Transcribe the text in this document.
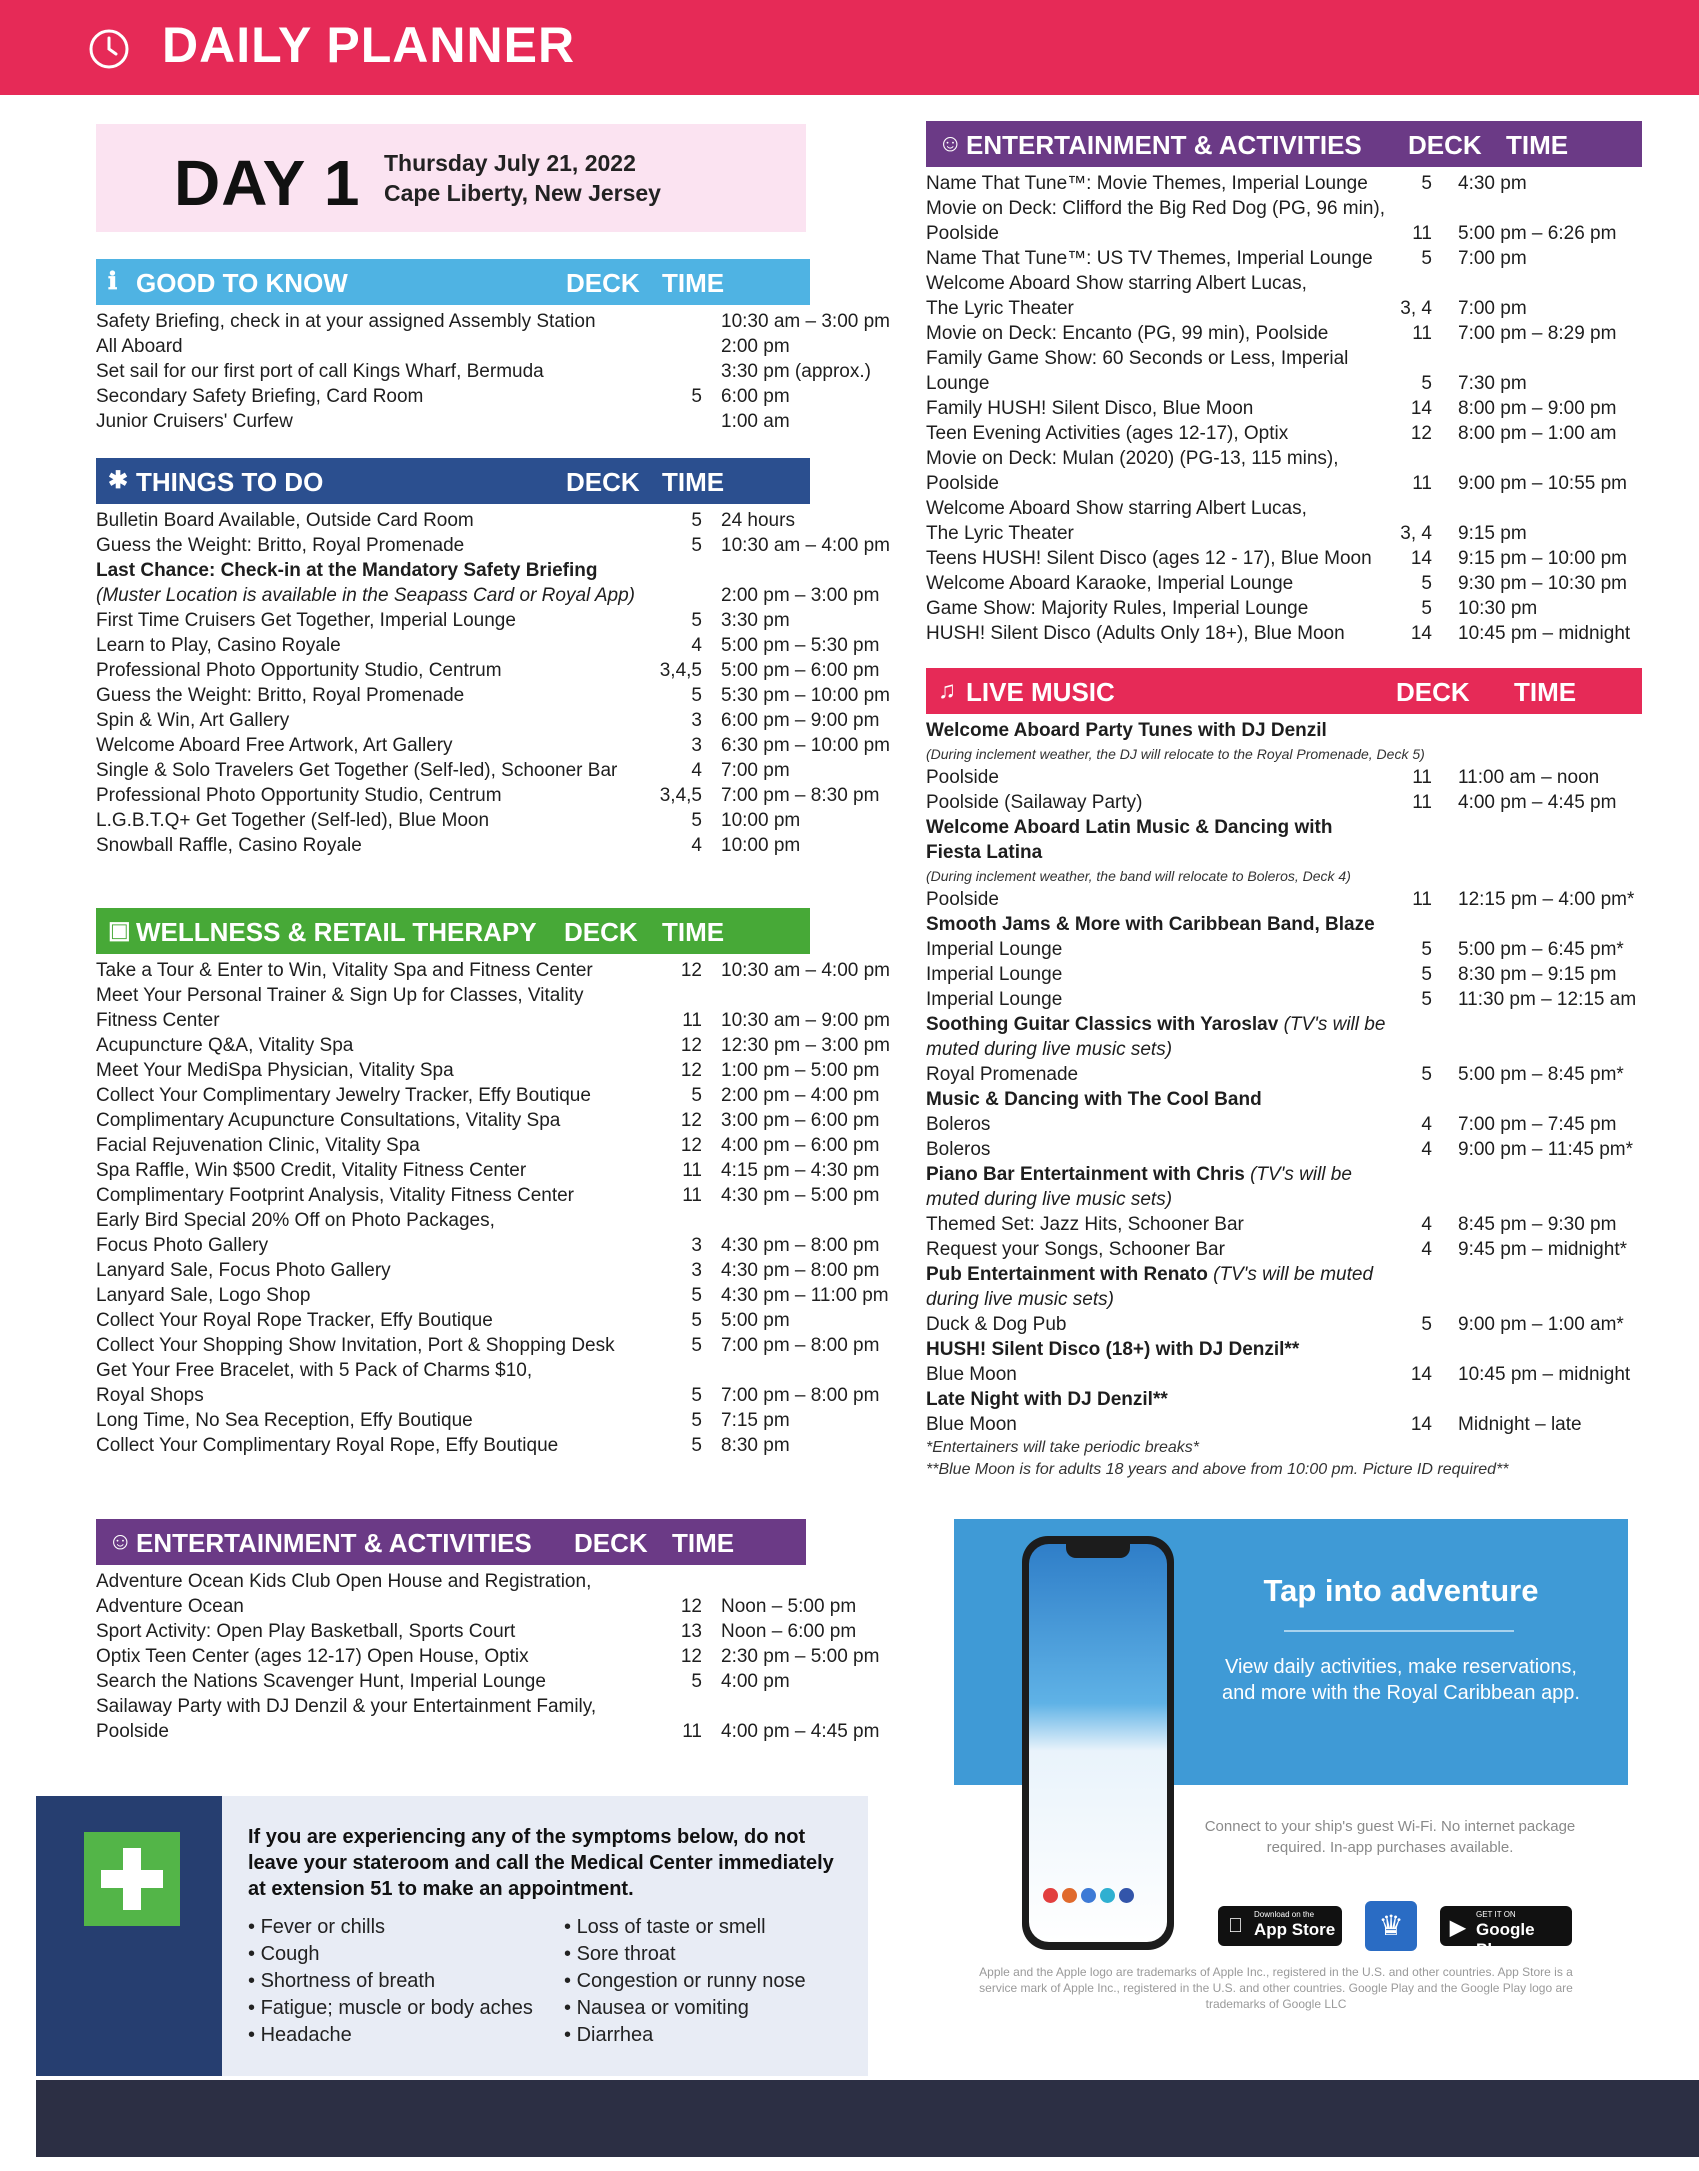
DAILY PLANNER
DAY 1 Thursday July 21, 2022
Cape Liberty, New Jersey
ℹ GOOD TO KNOW	DECK TIME
Safety Briefing, check in at your assigned Assembly Station	10:30 am – 3:00 pm
All Aboard	2:00 pm
Set sail for our first port of call Kings Wharf, Bermuda	3:30 pm (approx.)
Secondary Safety Briefing, Card Room	5 6:00 pm
Junior Cruisers' Curfew	1:00 am
✱ THINGS TO DO	DECK TIME
Bulletin Board Available, Outside Card Room	5 24 hours
Guess the Weight: Britto, Royal Promenade	5 10:30 am – 4:00 pm
Last Chance: Check-in at the Mandatory Safety Briefing
(Muster Location is available in the Seapass Card or Royal App)	2:00 pm – 3:00 pm
First Time Cruisers Get Together, Imperial Lounge	5 3:30 pm
Learn to Play, Casino Royale	4 5:00 pm – 5:30 pm
Professional Photo Opportunity Studio, Centrum	3,4,5 5:00 pm – 6:00 pm
Guess the Weight: Britto, Royal Promenade	5 5:30 pm – 10:00 pm
Spin & Win, Art Gallery	3 6:00 pm – 9:00 pm
Welcome Aboard Free Artwork, Art Gallery	3 6:30 pm – 10:00 pm
Single & Solo Travelers Get Together (Self-led), Schooner Bar	4 7:00 pm
Professional Photo Opportunity Studio, Centrum	3,4,5 7:00 pm – 8:30 pm
L.G.B.T.Q+ Get Together (Self-led), Blue Moon	5 10:00 pm
Snowball Raffle, Casino Royale	4 10:00 pm
▣ WELLNESS & RETAIL THERAPY DECK TIME
Take a Tour & Enter to Win, Vitality Spa and Fitness Center	12 10:30 am – 4:00 pm
Meet Your Personal Trainer & Sign Up for Classes, Vitality
Fitness Center	11 10:30 am – 9:00 pm
Acupuncture Q&A, Vitality Spa	12 12:30 pm – 3:00 pm
Meet Your MediSpa Physician, Vitality Spa	12 1:00 pm – 5:00 pm
Collect Your Complimentary Jewelry Tracker, Effy Boutique	5 2:00 pm – 4:00 pm
Complimentary Acupuncture Consultations, Vitality Spa	12 3:00 pm – 6:00 pm
Facial Rejuvenation Clinic, Vitality Spa	12 4:00 pm – 6:00 pm
Spa Raffle, Win $500 Credit, Vitality Fitness Center	11 4:15 pm – 4:30 pm
Complimentary Footprint Analysis, Vitality Fitness Center	11 4:30 pm – 5:00 pm
Early Bird Special 20% Off on Photo Packages,
Focus Photo Gallery	3 4:30 pm – 8:00 pm
Lanyard Sale, Focus Photo Gallery	3 4:30 pm – 8:00 pm
Lanyard Sale, Logo Shop	5 4:30 pm – 11:00 pm
Collect Your Royal Rope Tracker, Effy Boutique	5 5:00 pm
Collect Your Shopping Show Invitation, Port & Shopping Desk	5 7:00 pm – 8:00 pm
Get Your Free Bracelet, with 5 Pack of Charms $10,
Royal Shops	5 7:00 pm – 8:00 pm
Long Time, No Sea Reception, Effy Boutique	5 7:15 pm
Collect Your Complimentary Royal Rope, Effy Boutique	5 8:30 pm
☺ ENTERTAINMENT & ACTIVITIES DECK TIME
Adventure Ocean Kids Club Open House and Registration,
Adventure Ocean	12 Noon – 5:00 pm
Sport Activity: Open Play Basketball, Sports Court	13 Noon – 6:00 pm
Optix Teen Center (ages 12-17) Open House, Optix	12 2:30 pm – 5:00 pm
Search the Nations Scavenger Hunt, Imperial Lounge	5 4:00 pm
Sailaway Party with DJ Denzil & your Entertainment Family,
Poolside	11 4:00 pm – 4:45 pm
☺ ENTERTAINMENT & ACTIVITIES DECK TIME
Name That Tune™: Movie Themes, Imperial Lounge	5 4:30 pm
Movie on Deck: Clifford the Big Red Dog (PG, 96 min),
Poolside	11 5:00 pm – 6:26 pm
Name That Tune™: US TV Themes, Imperial Lounge	5 7:00 pm
Welcome Aboard Show starring Albert Lucas,
The Lyric Theater	3, 4 7:00 pm
Movie on Deck: Encanto (PG, 99 min), Poolside	11 7:00 pm – 8:29 pm
Family Game Show: 60 Seconds or Less, Imperial Lounge	5 7:30 pm
Family HUSH! Silent Disco, Blue Moon	14 8:00 pm – 9:00 pm
Teen Evening Activities (ages 12-17), Optix	12 8:00 pm – 1:00 am
Movie on Deck: Mulan (2020) (PG-13, 115 mins), Poolside	11 9:00 pm – 10:55 pm
Welcome Aboard Show starring Albert Lucas,
The Lyric Theater	3, 4 9:15 pm
Teens HUSH! Silent Disco (ages 12 - 17), Blue Moon	14 9:15 pm – 10:00 pm
Welcome Aboard Karaoke, Imperial Lounge	5 9:30 pm – 10:30 pm
Game Show: Majority Rules, Imperial Lounge	5 10:30 pm
HUSH! Silent Disco (Adults Only 18+), Blue Moon	14 10:45 pm – midnight
♫ LIVE MUSIC	DECK TIME
Welcome Aboard Party Tunes with DJ Denzil
(During inclement weather, the DJ will relocate to the Royal Promenade, Deck 5)
Poolside	11 11:00 am – noon
Poolside (Sailaway Party)	11 4:00 pm – 4:45 pm
Welcome Aboard Latin Music & Dancing with Fiesta Latina
(During inclement weather, the band will relocate to Boleros, Deck 4)
Poolside	11 12:15 pm – 4:00 pm*
Smooth Jams & More with Caribbean Band, Blaze
Imperial Lounge	5 5:00 pm – 6:45 pm*
Imperial Lounge	5 8:30 pm – 9:15 pm
Imperial Lounge	5 11:30 pm – 12:15 am
Soothing Guitar Classics with Yaroslav (TV's will be muted during live music sets)
Royal Promenade	5 5:00 pm – 8:45 pm*
Music & Dancing with The Cool Band
Boleros	4 7:00 pm – 7:45 pm
Boleros	4 9:00 pm – 11:45 pm*
Piano Bar Entertainment with Chris (TV's will be muted during live music sets)
Themed Set: Jazz Hits, Schooner Bar	4 8:45 pm – 9:30 pm
Request your Songs, Schooner Bar	4 9:45 pm – midnight*
Pub Entertainment with Renato (TV's will be muted during live music sets)
Duck & Dog Pub	5 9:00 pm – 1:00 am*
HUSH! Silent Disco (18+) with DJ Denzil**
Blue Moon	14 10:45 pm – midnight
Late Night with DJ Denzil**
Blue Moon	14 Midnight – late
*Entertainers will take periodic breaks*
**Blue Moon is for adults 18 years and above from 10:00 pm. Picture ID required**
If you are experiencing any of the symptoms below, do not leave your stateroom and call the Medical Center immediately at extension 51 to make an appointment.
• Fever or chills
• Cough
• Shortness of breath
• Fatigue; muscle or body aches
• Headache
• Loss of taste or smell
• Sore throat
• Congestion or runny nose
• Nausea or vomiting
• Diarrhea
Tap into adventure
View daily activities, make reservations, and more with the Royal Caribbean app.
Connect to your ship's guest Wi-Fi. No internet package required. In-app purchases available.
Download on the
App Store	♛	▶
GET IT ON
Google Play
Apple and the Apple logo are trademarks of Apple Inc., registered in the U.S. and other countries. App Store is a service mark of Apple Inc., registered in the U.S. and other countries. Google Play and the Google Play logo are trademarks of Google LLC
